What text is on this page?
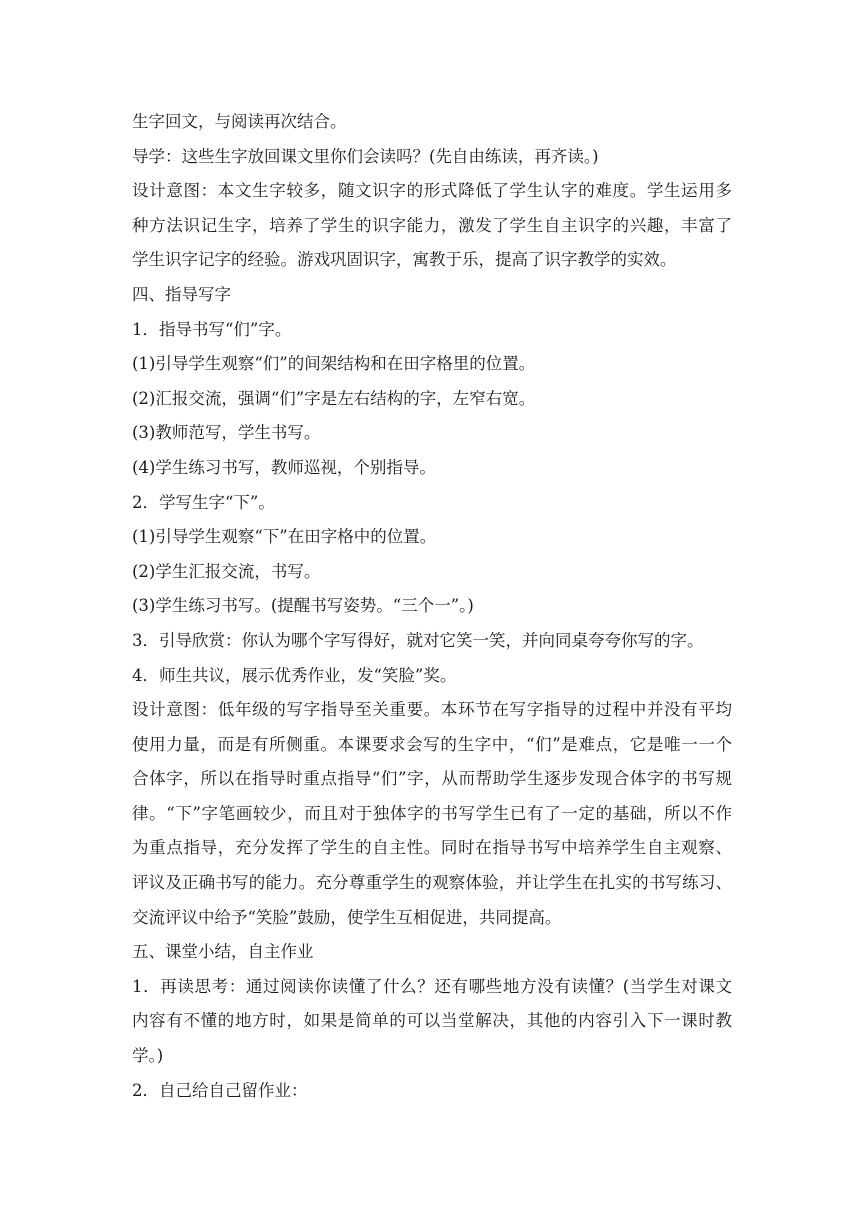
生字回文，与阅读再次结合。
导学：这些生字放回课文里你们会读吗？(先自由练读，再齐读。)
设计意图：本文生字较多，随文识字的形式降低了学生认字的难度。学生运用多
种方法识记生字，培养了学生的识字能力，激发了学生自主识字的兴趣，丰富了
学生识字记字的经验。游戏巩固识字，寓教于乐，提高了识字教学的实效。
四、指导写字
1．指导书写“们”字。
(1)引导学生观察“们”的间架结构和在田字格里的位置。
(2)汇报交流，强调“们”字是左右结构的字，左窄右宽。
(3)教师范写，学生书写。
(4)学生练习书写，教师巡视，个别指导。
2．学写生字“下”。
(1)引导学生观察“下”在田字格中的位置。
(2)学生汇报交流，书写。
(3)学生练习书写。(提醒书写姿势。“三个一”。)
3．引导欣赏：你认为哪个字写得好，就对它笑一笑，并向同桌夸夸你写的字。
4．师生共议，展示优秀作业，发“笑脸”奖。
设计意图：低年级的写字指导至关重要。本环节在写字指导的过程中并没有平均
使用力量，而是有所侧重。本课要求会写的生字中，“们”是难点，它是唯一一个
合体字，所以在指导时重点指导“们”字，从而帮助学生逐步发现合体字的书写规
律。“下”字笔画较少，而且对于独体字的书写学生已有了一定的基础，所以不作
为重点指导，充分发挥了学生的自主性。同时在指导书写中培养学生自主观察、
评议及正确书写的能力。充分尊重学生的观察体验，并让学生在扎实的书写练习、
交流评议中给予“笑脸”鼓励，使学生互相促进，共同提高。
五、课堂小结，自主作业
1．再读思考：通过阅读你读懂了什么？还有哪些地方没有读懂？(当学生对课文
内容有不懂的地方时，如果是简单的可以当堂解决，其他的内容引入下一课时教
学。)
2．自己给自己留作业：
